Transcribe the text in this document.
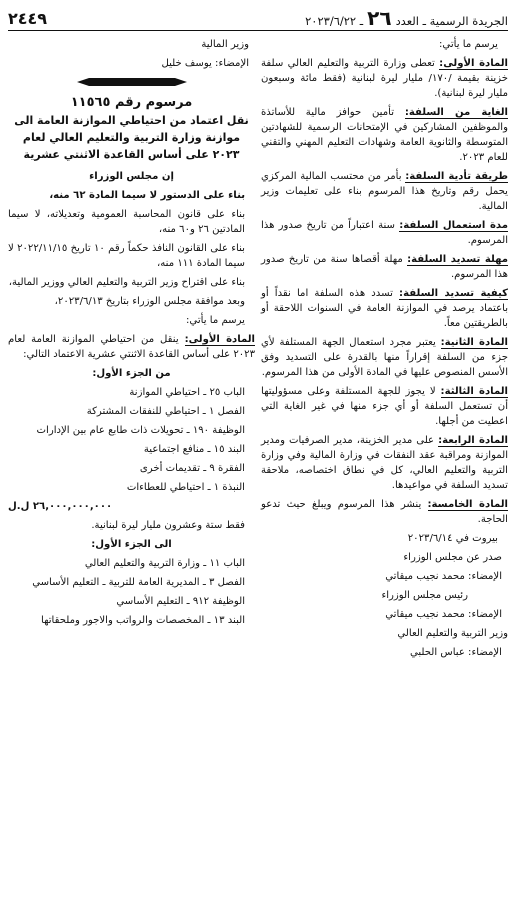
الجريدة الرسمية ـ العدد
٢٦
ـ ٢٠٢٣/٦/٢٢
٢٤٤٩

يرسم ما يأتي:

المادة الأولى: تعطى وزارة التربية والتعليم العالي سلفة خزينة بقيمة /١٧٠/ مليار ليرة لبنانية (فقط مائة وسبعون مليار ليرة لبنانية).

الغاية من السلفة: تأمين حوافز مالية للأساتذة والموظفين المشاركين في الإمتحانات الرسمية للشهادتين المتوسطة والثانوية العامة وشهادات التعليم المهني والتقني للعام ٢٠٢٣.

طريقة تأدية السلفة: بأمر من محتسب المالية المركزي يحمل رقم وتاريخ هذا المرسوم بناء على تعليمات وزير المالية.

مدة استعمال السلفة: سنة اعتباراً من تاريخ صدور هذا المرسوم.

مهلة تسديد السلفة: مهلة أقصاها سنة من تاريخ صدور هذا المرسوم.

كيفية تسديد السلفة: تسدد هذه السلفة اما نقداً أو باعتماد يرصد في الموازنة العامة في السنوات اللاحقة أو بالطريقتين معاً.

المادة الثانية: يعتبر مجرد استعمال الجهة المستلفة لأي جزء من السلفة إقراراً منها بالقدرة على التسديد وفق الأسس المنصوص عليها في المادة الأولى من هذا المرسوم.

المادة الثالثة: لا يجوز للجهة المستلفة وعلى مسؤوليتها أن تستعمل السلفة أو أي جزء منها في غير الغاية التي اعطيت من أجلها.

المادة الرابعة: على مدير الخزينة، مدير الصرفيات ومدير الموازنة ومراقبة عقد النفقات في وزارة المالية وفي وزارة التربية والتعليم العالي، كل في نطاق اختصاصه، ملاحقة تسديد السلفة في مواعيدها.

المادة الخامسة: ينشر هذا المرسوم ويبلغ حيث تدعو الحاجة.

بيروت في ٢٠٢٣/٦/١٤

صدر عن مجلس الوزراء

الإمضاء: محمد نجيب ميقاتي

رئيس مجلس الوزراء

الإمضاء: محمد نجيب ميقاتي

وزير التربية والتعليم العالي

الإمضاء: عباس الحلبي

وزير المالية

الإمضاء: يوسف خليل

مرسوم رقم ١١٥٦٥
نقل اعتماد من احتياطي الموازنة العامة الى موازنة وزارة التربية والتعليم العالي لعام ٢٠٢٣ على أساس القاعدة الاثنتي عشرية

إن مجلس الوزراء

بناء على الدستور لا سيما المادة ٦٢ منه،

بناء على قانون المحاسبة العمومية وتعديلاته، لا سيما المادتين ٢٦ و٦٠ منه،

بناء على القانون النافذ حكماً رقم ١٠ تاريخ ٢٠٢٢/١١/١٥ لا سيما المادة ١١١ منه،

بناء على اقتراح وزير التربية والتعليم العالي ووزير المالية،

وبعد موافقة مجلس الوزراء بتاريخ ٢٠٢٣/٦/١٣،

يرسم ما يأتي:

المادة الأولى: ينقل من احتياطي الموازنة العامة لعام ٢٠٢٣ على أساس القاعدة الاثنتي عشرية الاعتماد التالي:

من الجزء الأول:

الباب ٢٥ ـ احتياطي الموازنة

الفصل ١ ـ احتياطي للنفقات المشتركة

الوظيفة ١٩٠ ـ تحويلات ذات طابع عام بين الإدارات

البند ١٥ ـ منافع اجتماعية

الفقرة ٩ ـ تقديمات أخرى

النبذة ١ ـ احتياطي للعطاءات

٢٦,٠٠٠,٠٠٠,٠٠٠ ل.ل

فقط ستة وعشرون مليار ليرة لبنانية.

الى الجزء الأول:

الباب ١١ ـ وزارة التربية والتعليم العالي

الفصل ٣ ـ المديرية العامة للتربية ـ التعليم الأساسي

الوظيفة ٩١٢ ـ التعليم الأساسي

البند ١٣ ـ المخصصات والرواتب والاجور وملحقاتها
